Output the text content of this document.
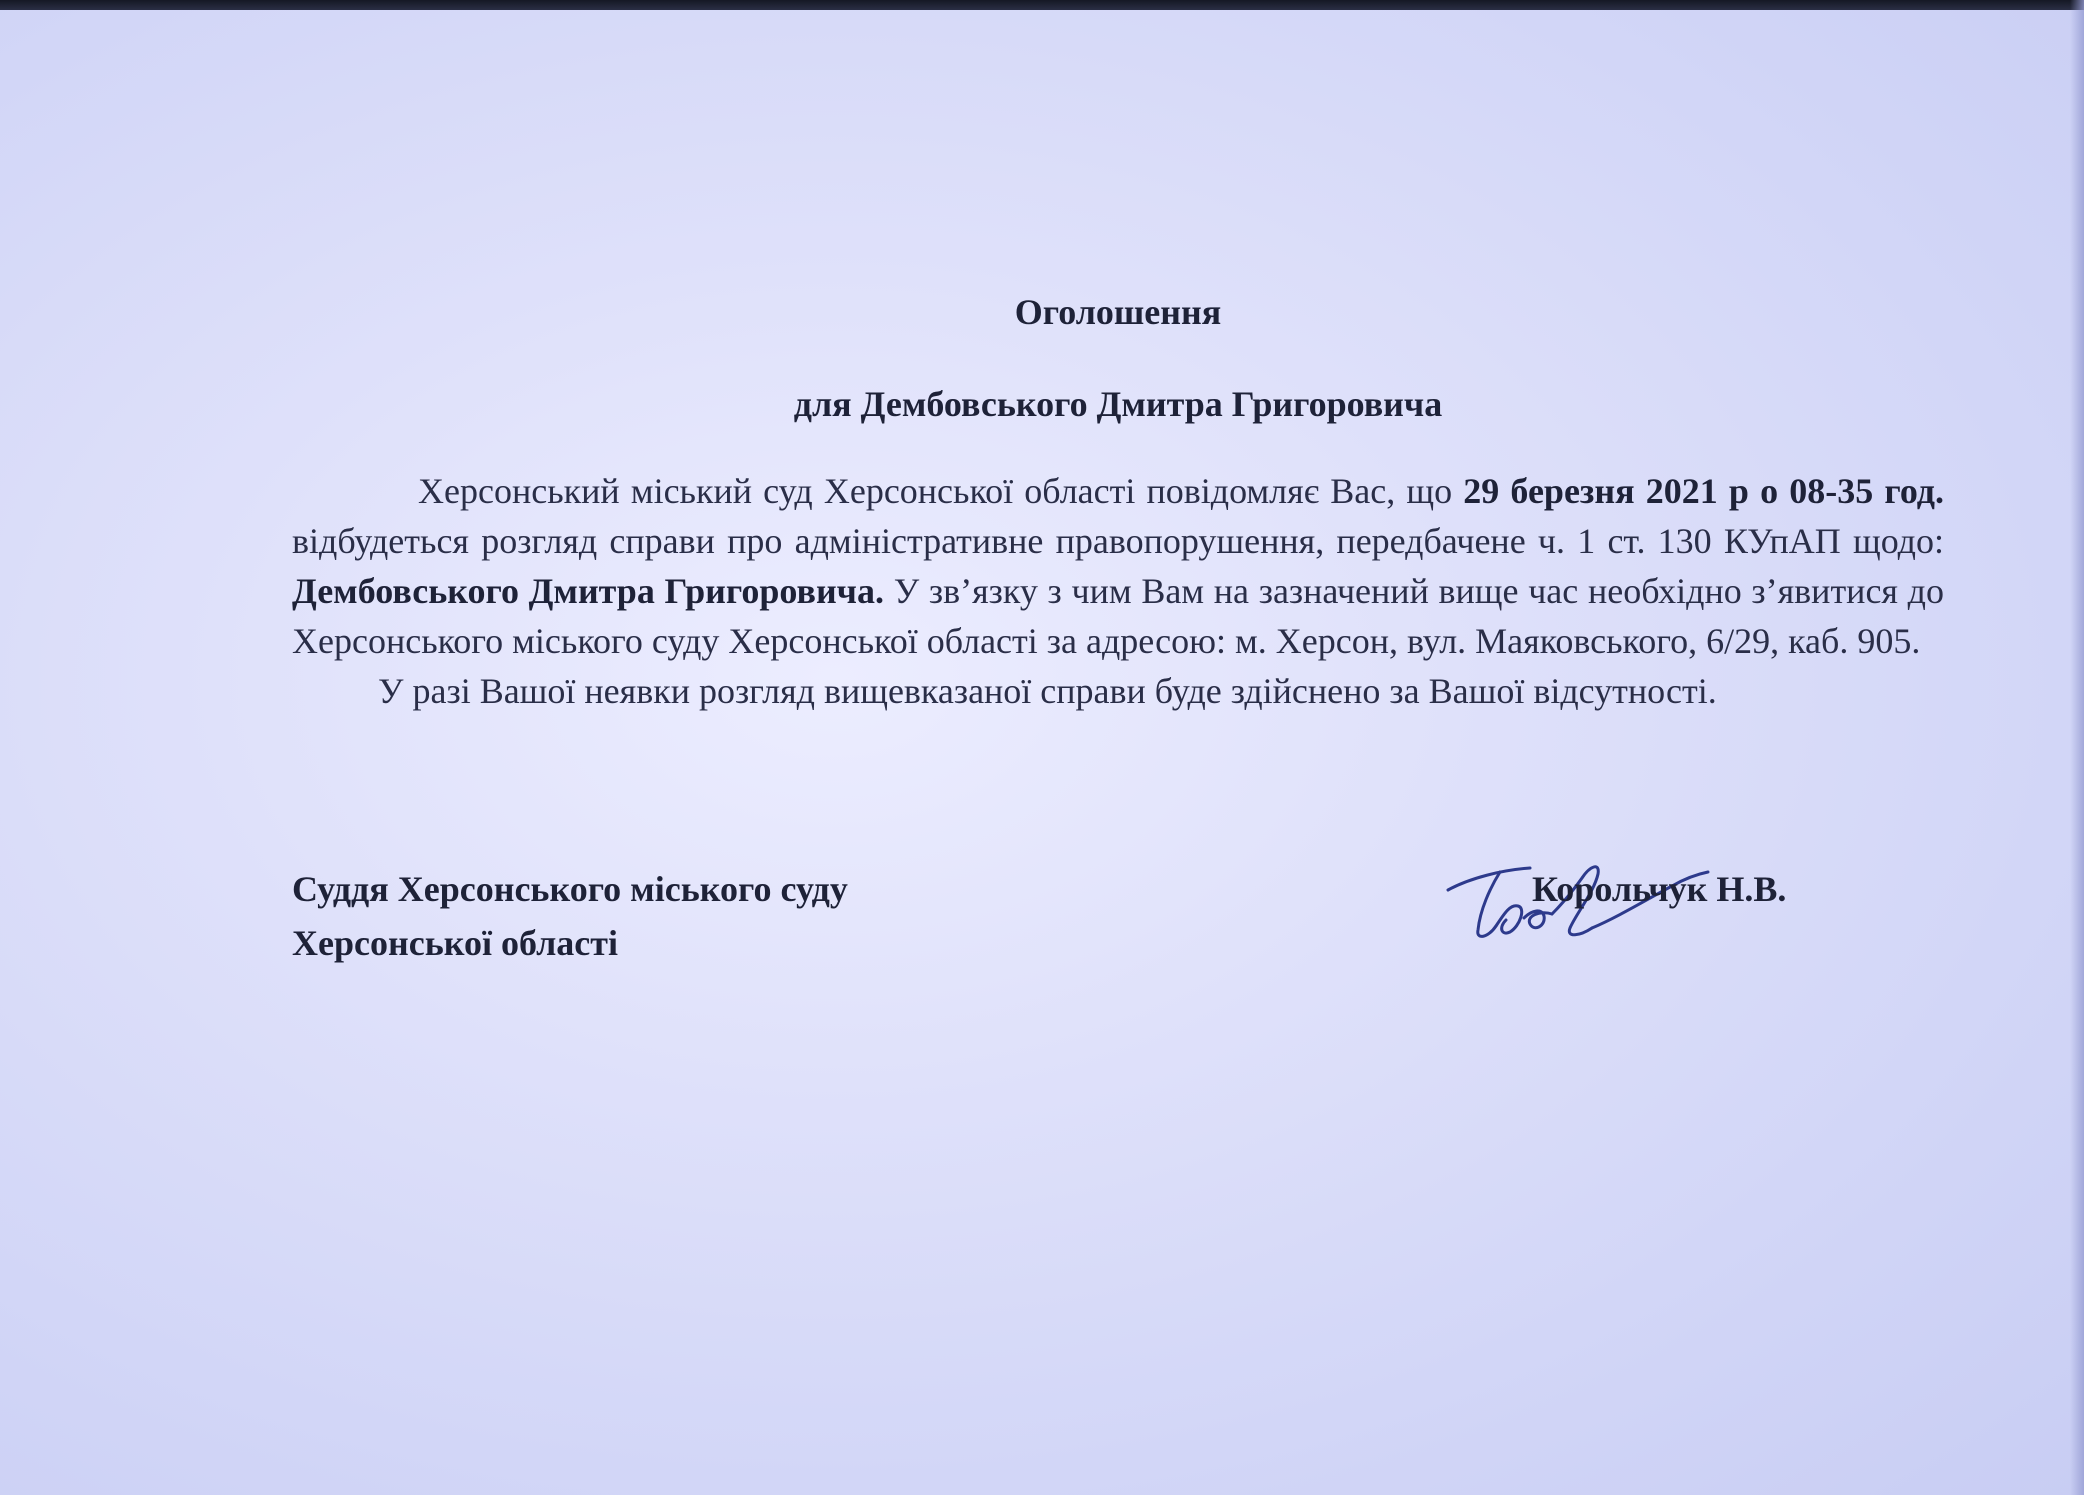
Оголошення
для Дембовського Дмитра Григоровича

Херсонський міський суд Херсонської області повідомляє Вас, що 29 березня 2021 р о 08-35 год. відбудеться розгляд справи про адміністративне правопорушення, передбачене ч. 1 ст. 130 КУпАП щодо: Дембовського Дмитра Григоровича. У зв’язку з чим Вам на зазначений вище час необхідно з’явитися до Херсонського міського суду Херсонської області за адресою: м. Херсон, вул. Маяковського, 6/29, каб. 905.

У разі Вашої неявки розгляд вищевказаної справи буде здійснено за Вашої відсутності.

Суддя Херсонського міського суду
Херсонської області
Корольчук Н.В.
